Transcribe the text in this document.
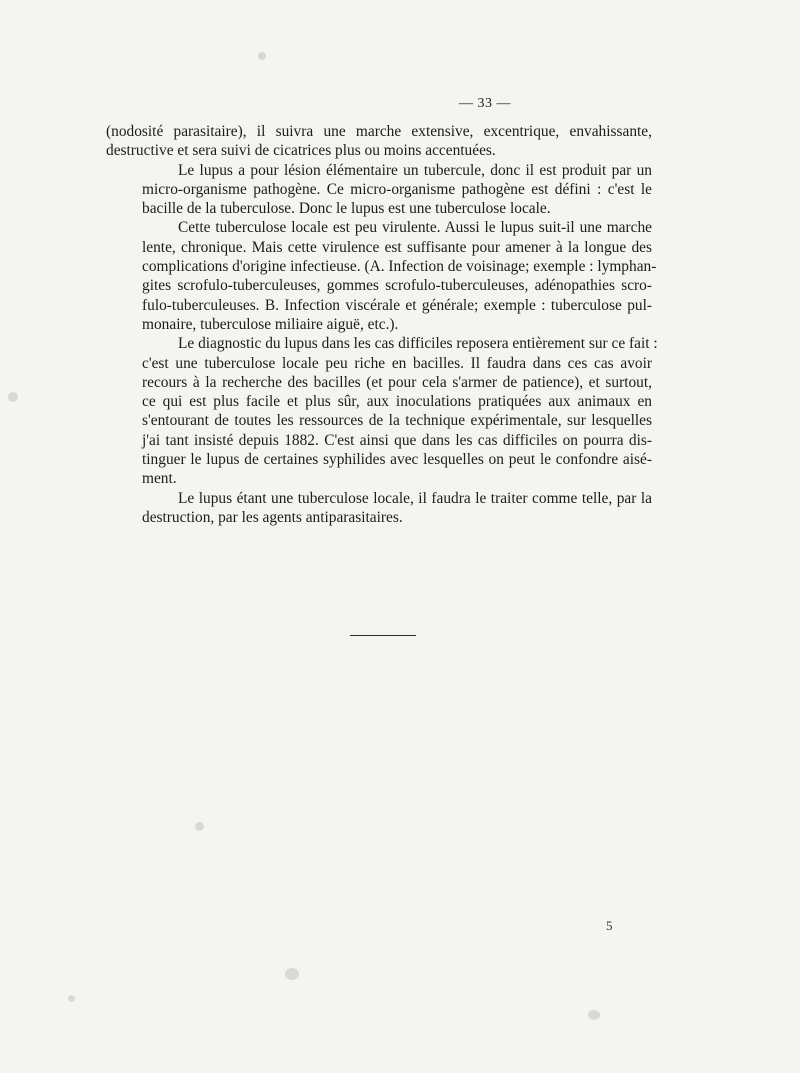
— 33 —

(nodosité parasitaire), il suivra une marche extensive, excentrique, envahissante,
destructive et sera suivi de cicatrices plus ou moins accentuées.

Le lupus a pour lésion élémentaire un tubercule, donc il est produit par un
micro-organisme pathogène. Ce micro-organisme pathogène est défini : c'est le
bacille de la tuberculose. Donc le lupus est une tuberculose locale.

Cette tuberculose locale est peu virulente. Aussi le lupus suit-il une marche
lente, chronique. Mais cette virulence est suffisante pour amener à la longue des
complications d'origine infectieuse. (A. Infection de voisinage; exemple : lymphan-
gites scrofulo-tuberculeuses, gommes scrofulo-tuberculeuses, adénopathies scro-
fulo-tuberculeuses. B. Infection viscérale et générale; exemple : tuberculose pul-
monaire, tuberculose miliaire aiguë, etc.).

Le diagnostic du lupus dans les cas difficiles reposera entièrement sur ce fait :
c'est une tuberculose locale peu riche en bacilles. Il faudra dans ces cas avoir
recours à la recherche des bacilles (et pour cela s'armer de patience), et surtout,
ce qui est plus facile et plus sûr, aux inoculations pratiquées aux animaux en
s'entourant de toutes les ressources de la technique expérimentale, sur lesquelles
j'ai tant insisté depuis 1882. C'est ainsi que dans les cas difficiles on pourra dis-
tinguer le lupus de certaines syphilides avec lesquelles on peut le confondre aisé-
ment.

Le lupus étant une tuberculose locale, il faudra le traiter comme telle, par la
destruction, par les agents antiparasitaires.

5
